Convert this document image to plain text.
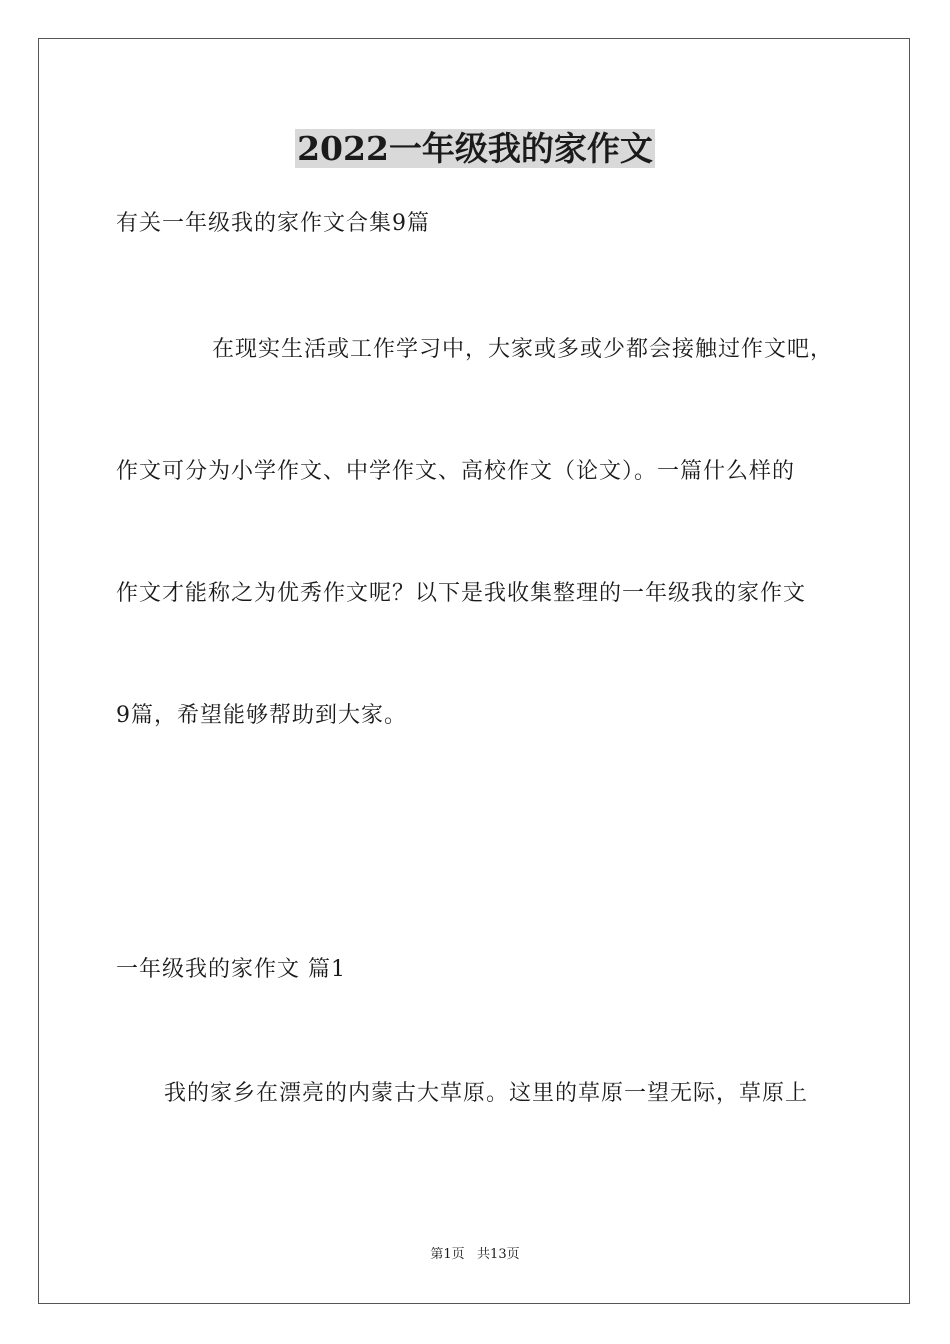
2022一年级我的家作文
有关一年级我的家作文合集9篇
在现实生活或工作学习中，大家或多或少都会接触过作文吧，
作文可分为小学作文、中学作文、高校作文（论文）。一篇什么样的
作文才能称之为优秀作文呢？以下是我收集整理的一年级我的家作文
9篇，希望能够帮助到大家。
一年级我的家作文 篇1
我的家乡在漂亮的内蒙古大草原。这里的草原一望无际，草原上
第1页   共13页
